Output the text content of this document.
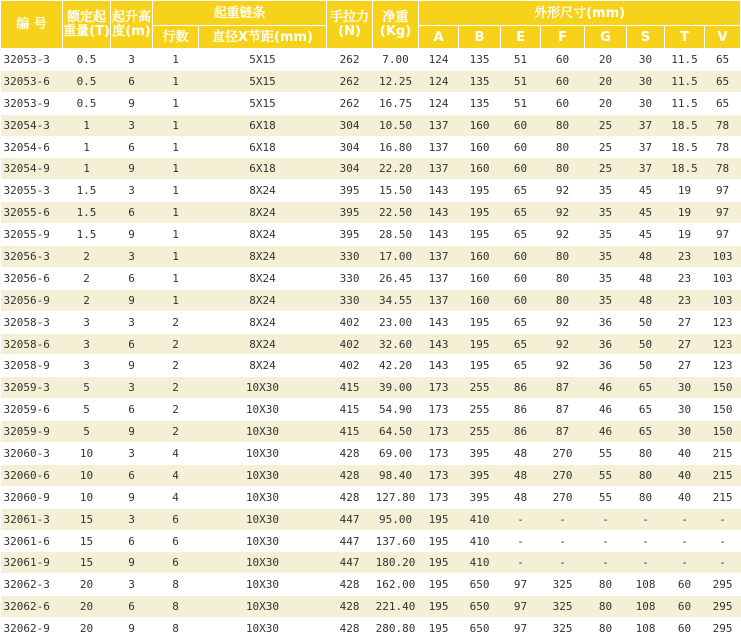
编 号	额定起重量(T)	起升高度(m)	起重链条		手拉力(N)	净重(Kg)	外形尺寸(mm)							
			行数	直径X节距(mm)			A	B	E	F	G	S	T	V
32053-3	0.5	3	1	5X15	262	7.00	124	135	51	60	20	30	11.5	65
32053-6	0.5	6	1	5X15	262	12.25	124	135	51	60	20	30	11.5	65
32053-9	0.5	9	1	5X15	262	16.75	124	135	51	60	20	30	11.5	65
32054-3	1	3	1	6X18	304	10.50	137	160	60	80	25	37	18.5	78
32054-6	1	6	1	6X18	304	16.80	137	160	60	80	25	37	18.5	78
32054-9	1	9	1	6X18	304	22.20	137	160	60	80	25	37	18.5	78
32055-3	1.5	3	1	8X24	395	15.50	143	195	65	92	35	45	19	97
32055-6	1.5	6	1	8X24	395	22.50	143	195	65	92	35	45	19	97
32055-9	1.5	9	1	8X24	395	28.50	143	195	65	92	35	45	19	97
32056-3	2	3	1	8X24	330	17.00	137	160	60	80	35	48	23	103
32056-6	2	6	1	8X24	330	26.45	137	160	60	80	35	48	23	103
32056-9	2	9	1	8X24	330	34.55	137	160	60	80	35	48	23	103
32058-3	3	3	2	8X24	402	23.00	143	195	65	92	36	50	27	123
32058-6	3	6	2	8X24	402	32.60	143	195	65	92	36	50	27	123
32058-9	3	9	2	8X24	402	42.20	143	195	65	92	36	50	27	123
32059-3	5	3	2	10X30	415	39.00	173	255	86	87	46	65	30	150
32059-6	5	6	2	10X30	415	54.90	173	255	86	87	46	65	30	150
32059-9	5	9	2	10X30	415	64.50	173	255	86	87	46	65	30	150
32060-3	10	3	4	10X30	428	69.00	173	395	48	270	55	80	40	215
32060-6	10	6	4	10X30	428	98.40	173	395	48	270	55	80	40	215
32060-9	10	9	4	10X30	428	127.80	173	395	48	270	55	80	40	215
32061-3	15	3	6	10X30	447	95.00	195	410	-	-	-	-	-	-
32061-6	15	6	6	10X30	447	137.60	195	410	-	-	-	-	-	-
32061-9	15	9	6	10X30	447	180.20	195	410	-	-	-	-	-	-
32062-3	20	3	8	10X30	428	162.00	195	650	97	325	80	108	60	295
32062-6	20	6	8	10X30	428	221.40	195	650	97	325	80	108	60	295
32062-9	20	9	8	10X30	428	280.80	195	650	97	325	80	108	60	295
